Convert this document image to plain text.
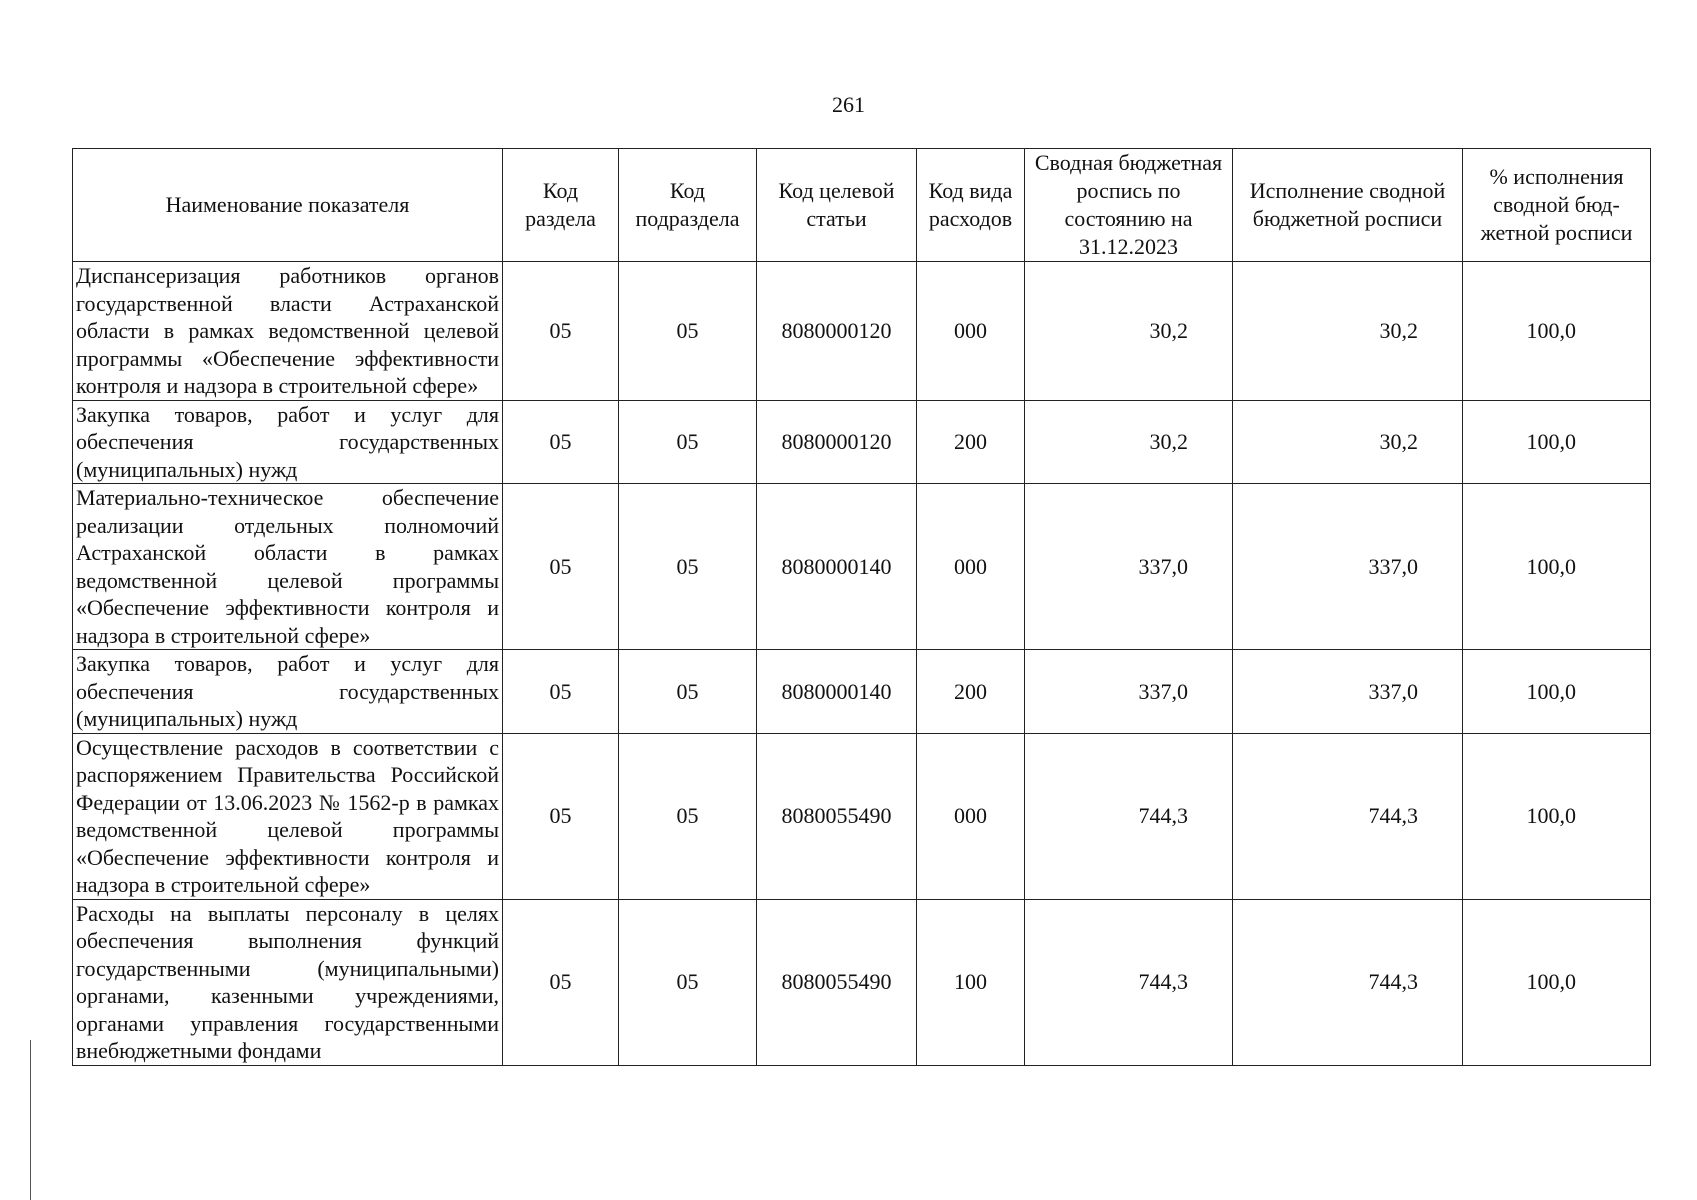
261
Наименование показателя	Код раздела	Код подраздела	Код целевой статьи	Код вида расходов	Сводная бюджетная роспись по состоянию на 31.12.2023	Исполнение сводной бюджетной росписи	% исполнения сводной бюд-жетной росписи
Диспансеризация работников органов государственной власти Астраханской области в рамках ведомственной целевой программы «Обеспечение эффективности контроля и надзора в строительной сфере»	05	05	8080000120	000	30,2	30,2	100,0
Закупка товаров, работ и услуг для обеспечения государственных (муниципальных) нужд	05	05	8080000120	200	30,2	30,2	100,0
Материально-техническое обеспечение реализации отдельных полномочий Астраханской области в рамках ведомственной целевой программы «Обеспечение эффективности контроля и надзора в строительной сфере»	05	05	8080000140	000	337,0	337,0	100,0
Закупка товаров, работ и услуг для обеспечения государственных (муниципальных) нужд	05	05	8080000140	200	337,0	337,0	100,0
Осуществление расходов в соответствии с распоряжением Правительства Российской Федерации от 13.06.2023 № 1562-р в рамках ведомственной целевой программы «Обеспечение эффективности контроля и надзора в строительной сфере»	05	05	8080055490	000	744,3	744,3	100,0
Расходы на выплаты персоналу в целях обеспечения выполнения функций государственными (муниципальными) органами, казенными учреждениями, органами управления государственными внебюджетными фондами	05	05	8080055490	100	744,3	744,3	100,0
